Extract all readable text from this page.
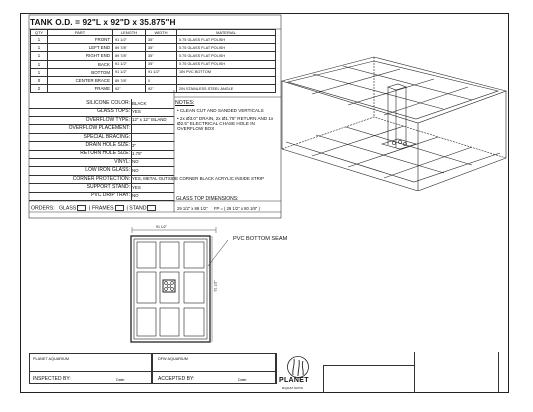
TANK O.D. = 92"L x 92"D x 35.875"H
QTY	PART	LENGTH	WIDTH	MATERIAL
1	FRONT	91 1/2"	35"	0.75 GLASS FLAT POLISH
1	LEFT END	89 7/8"	35"	0.75 GLASS FLAT POLISH
1	RIGHT END	89 7/8"	35"	0.75 GLASS FLAT POLISH
1	BACK	91 1/2"	35"	0.75 GLASS FLAT POLISH
1	BOTTOM	91 1/2"	91 1/2"	1IN PVC BOTTOM
0	CENTER BRACE	89 7/8"	0	
2	FRAME	92"	92"	2IN STAINLESS STEEL ANGLE
SILICONE COLOR: BLACK
GLASS TOPS: YES
OVERFLOW TYPE: 12" x 12" ISLAND
OVERFLOW PLACEMENT:
SPECIAL BRACING:
DRAIN HOLE SIZE: 3"
RETURN HOLE SIZE: 1.75"
VINYL: NO
LOW IRON GLASS: NO
CORNER PROTECTION: YES, METAL OUTSIDE CORNER BLACK ACRYLIC INSIDE STRIP
SUPPORT STAND: YES
PVC DRIP TRAY: NO
NOTES:
• CLEAN CUT AND SANDED VERTICALS
• 2x Ø3.0" DRAIN, 2x Ø1.75" RETURN AND 1x Ø2.5" ELECTRICAL CHASE HOLE IN OVERFLOW BOX
GLASS TOP DIMENSIONS:
29 1/2" x 88 1/2" FP = ( 29 1/2" x 80 1/8" )
ORDERS: GLASS  | FRAMES  | STAND
91 1/2"
91 1/2"
PVC BOTTOM SEAM
PLANET AQUARIUM	DFW AQUARIUM
INSPECTED BY:	Date:	ACCEPTED BY:	Date:	PLANET
aquariums
